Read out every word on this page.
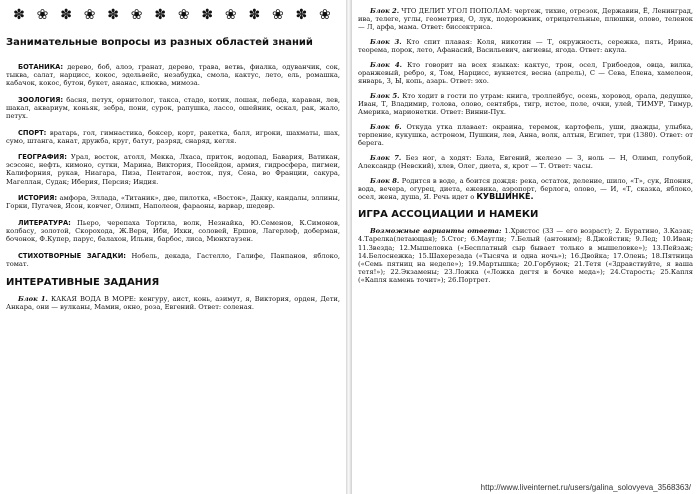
✽ ❀ ✽ ❀ ✽ ❀ ✽ ❀ ✽ ❀ ✽ ❀ ✽ ❀
Занимательные вопросы из разных областей знаний

БОТАНИКА: дерево, боб, алоэ, гранат, дерево, трава, ветвь, фиалка, одуванчик, сок, тыква, салат, нарцисс, кокос, эдельвейс, незабудка, смола, кактус, лето, ель, ромашка, кабачок, кокос, бутон, букет, ананас, клюква, мимоза.

ЗООЛОГИЯ: басня, петух, орнитолог, такса, стадо, котик, лошак, лебеда, караван, лев, шакал, аквариум, коньяк, зебра, пони, сурок, рапушка, лассо, ошейник, оскал, рак, жало, петух.

СПОРТ: вратарь, гол, гимнастика, боксер, корт, ракетка, балл, игроки, шахматы, шах, сумо, штанга, канат, дружба, круг, батут, разряд, снаряд, кегля.

ГЕОГРАФИЯ: Урал, восток, атолл, Мекка, Лхаса, приток, водопад, Бавария, Ватикан, эсэсонс, нефть, кимоно, сутки, Марина, Виктория, Посейдон, армия, гидросфера, пигмеи, Калифорния, рукав, Ниагара, Пиза, Пентагон, восток, пуя, Сена, во Франции, сакура, Магеллан, Судак; Иберия, Персия; Индия.

ИСТОРИЯ: амфора, Эллада, «Титаник», две, пилотка, «Восток», Дакку, кандалы, эллины, Горки, Пугачев, Ясон, ковчег, Олимп, Наполеон, фараоны, варвар, шедевр.

ЛИТЕРАТУРА: Пьеро, черепаха Тортила, волк, Незнайка, Ю.Семенов, К.Симонов, колбасу, золотой, Скорохода, Ж.Верн, Иби, Ихки, соловей, Ершов, Лагерлеф, доберман, бочонок, Ф.Купер, парус, балахон, Ильин, барбос, лиса, Мюнхгаузен.

СТИХОТВОРНЫЕ ЗАГАДКИ: Нобель, декада, Гастелло, Галифе, Панпанов, яблоко, томат.

ИНТЕРАТИВНЫЕ ЗАДАНИЯ

Блок 1. КАКАЯ ВОДА В МОРЕ: кенгуру, аист, конь, азимут, я, Виктория, орден, Дети, Анкара, они — вулканы, Мамин, окно, роза, Евгений. Ответ: соленая.

Блок 2. ЧТО ДЕЛИТ УГОЛ ПОПОЛАМ: чертеж, тихие, отрезок, Державин, Ё, Ленинград, ива, телеге, углы, геометрия, О, лук, подорожник, отрицательные, плюшки, олово, теленок — Л, арфа, мама. Ответ: биссектриса.

Блок 3. Кто спит плавая: Коля, никотин — Т, окружность, сережка, пять, Ирина, теорема, порок, лето, Афанасий, Васильевич, авгиевы, ягода. Ответ: акула.

Блок 4. Кто говорит на всех языках: кактус, трон, осел, Грибоедов, овца, вилка, оранжевый, ребро, я, Том, Нарцисс, вукнется, весна (апрель), С — Сева, Елена, хамелеон, январь, З, Ы, копь, азарь. Ответ: эхо.

Блок 5. Кто ходит в гости по утрам: книга, троллейбус, осень, хоровод, орала, дедушке, Иван, Т, Владимир, голова, олово, сентябрь, тигр, истое, поле, очки, улей, ТИМУР, Тимур, Америка, марионетки. Ответ: Винни-Пух.

Блок 6. Откуда утка плавает: окраина, теремок, картофель, уши, дважды, улыбка, терпение, кукушка, астроном, Пушкин, лев, Анна, волк, алтын, Египет, три (1380). Ответ: от берега.

Блок 7. Без ног, а ходят: Бзла, Евгений, железо — 3, ноль — Н, Олимп, голубой, Александр (Невский), хлев, Олег, диета, я, крот — Т. Ответ: часы.

Блок 8. Родится в воде, а боится дождя: река, остаток, деление, шило, «Т», сук, Япония, вода, вечера, огурец, диета, ежевика, аэропорт, берлога, олово, — И, «Т, сказка, яблоко, осел, жена, душа, Я. Речь идет о КУВШИНКЕ.

ИГРА АССОЦИАЦИИ И НАМЕКИ

Возможные варианты ответа: 1.Христос (33 — его возраст); 2. Буратино, 3.Казак; 4.Тарелка(летающая); 5.Стог; 6.Маугли; 7.Белый (антоним); 8.Джойстик; 9.Лед; 10.Иван; 11.Звезда; 12.Мышеловка («Бесплатный сыр бывает только в мышеловке»); 13.Пейзаж; 14.Белоснежка; 15.Шахерезада («Тысяча и одна ночь»); 16.Двойка; 17.Олень; 18.Пятница («Семь пятниц на неделе»); 19.Мартышка; 20.Горбунок; 21.Тетя («Здравствуйте, я ваша тетя!»); 22.Экзамены; 23.Ложка («Ложка дегтя в бочке меда»); 24.Старость; 25.Капля («Капля камень точит»); 26.Портрет.

http://www.liveinternet.ru/users/galina_solovyeva_3568363/
